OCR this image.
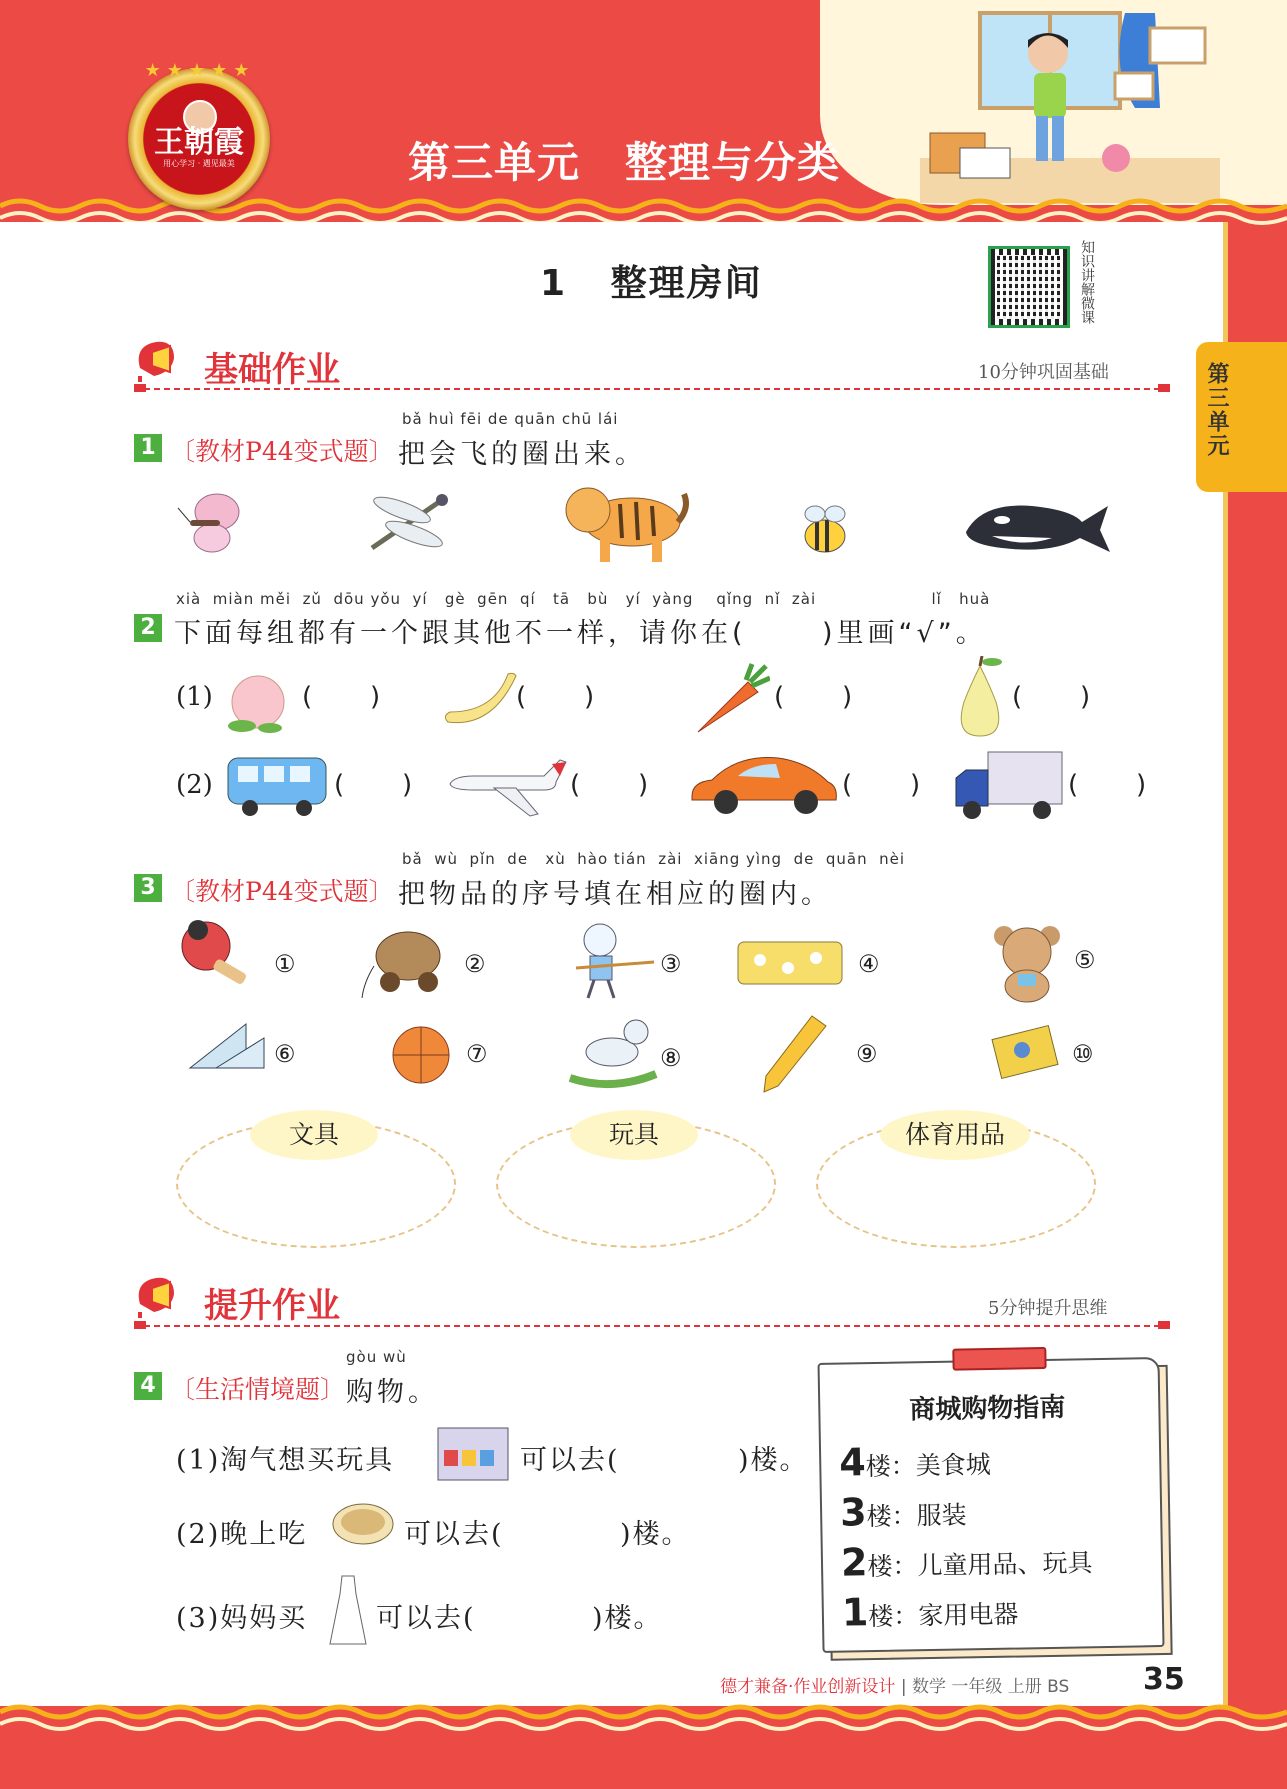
★★★★★
王朝霞
用心学习 · 遇见最美	第三单元 整理与分类
第三单元
1   整理房间	知识讲解微课
基础作业	10分钟巩固基础
bǎ huì fēi de quān chū lái
1 〔教材P44变式题〕 把会飞的圈出来。
xià  miàn měi  zǔ  dōu yǒu  yí   gè  gēn  qí   tā   bù   yí  yàng    qǐng  nǐ  zài                    lǐ   huà
2 下面每组都有一个跟其他不一样，请你在(      )里画“√”。
(1)	(       )	(       )	(       )	(       )
(2)	(       )	(       )	(       )	(       )
bǎ  wù  pǐn  de   xù  hào tián  zài  xiāng yìng  de  quān  nèi
3 〔教材P44变式题〕 把物品的序号填在相应的圈内。
①	②	③	④	⑤
⑥	⑦	⑧	⑨	⑩
文具	玩具	体育用品
提升作业	5分钟提升思维
gòu wù
4 〔生活情境题〕 购物。
(1)淘气想买玩具	可以去(	)楼。
(2)晚上吃	可以去(	)楼。
(3)妈妈买	可以去(	)楼。
商城购物指南
4楼：美食城
3楼：服装
2楼：儿童用品、玩具
1楼：家用电器
德才兼备·作业创新设计 | 数学 一年级 上册 BS 35
